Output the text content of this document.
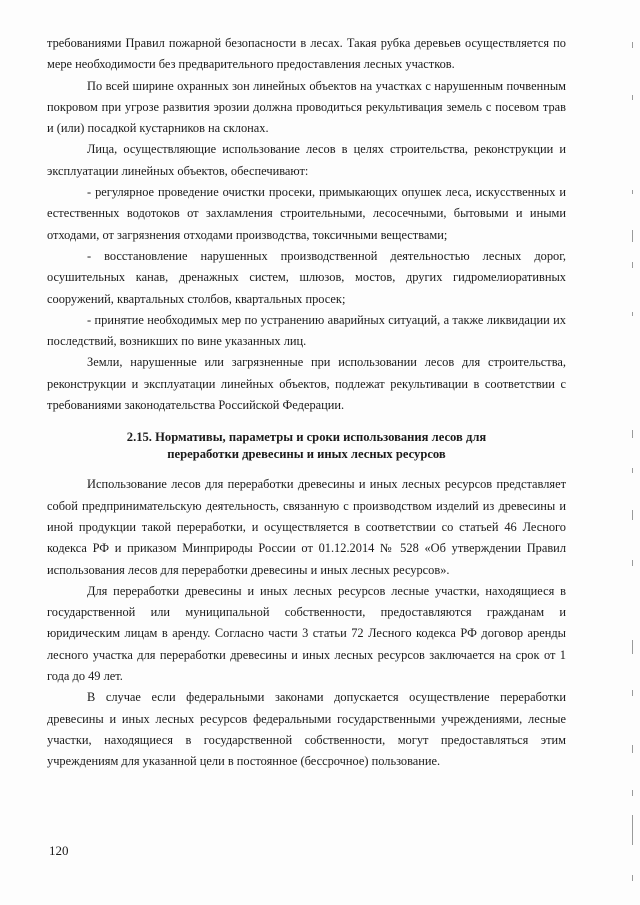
требованиями Правил пожарной безопасности в лесах. Такая рубка деревьев осуществляется по мере необходимости без предварительного предоставления лесных участков.

По всей ширине охранных зон линейных объектов на участках с нарушенным почвенным покровом при угрозе развития эрозии должна проводиться рекультивация земель с посевом трав и (или) посадкой кустарников на склонах.

Лица, осуществляющие использование лесов в целях строительства, реконструкции и эксплуатации линейных объектов, обеспечивают:

- регулярное проведение очистки просеки, примыкающих опушек леса, искусственных и естественных водотоков от захламления строительными, лесосечными, бытовыми и иными отходами, от загрязнения отходами производства, токсичными веществами;

- восстановление нарушенных производственной деятельностью лесных дорог, осушительных канав, дренажных систем, шлюзов, мостов, других гидромелиоративных сооружений, квартальных столбов, квартальных просек;

- принятие необходимых мер по устранению аварийных ситуаций, а также ликвидации их последствий, возникших по вине указанных лиц.

Земли, нарушенные или загрязненные при использовании лесов для строительства, реконструкции и эксплуатации линейных объектов, подлежат рекультивации в соответствии с требованиями законодательства Российской Федерации.

2.15. Нормативы, параметры и сроки использования лесов для
переработки древесины и иных лесных ресурсов

Использование лесов для переработки древесины и иных лесных ресурсов представляет собой предпринимательскую деятельность, связанную с производством изделий из древесины и иной продукции такой переработки, и осуществляется в соответствии со статьей 46 Лесного кодекса РФ и приказом Минприроды России от 01.12.2014 № 528 «Об утверждении Правил использования лесов для переработки древесины и иных лесных ресурсов».

Для переработки древесины и иных лесных ресурсов лесные участки, находящиеся в государственной или муниципальной собственности, предоставляются гражданам и юридическим лицам в аренду. Согласно части 3 статьи 72 Лесного кодекса РФ договор аренды лесного участка для переработки древесины и иных лесных ресурсов заключается на срок от 1 года до 49 лет.

В случае если федеральными законами допускается осуществление переработки древесины и иных лесных ресурсов федеральными государственными учреждениями, лесные участки, находящиеся в государственной собственности, могут предоставляться этим учреждениям для указанной цели в постоянное (бессрочное) пользование.

120
